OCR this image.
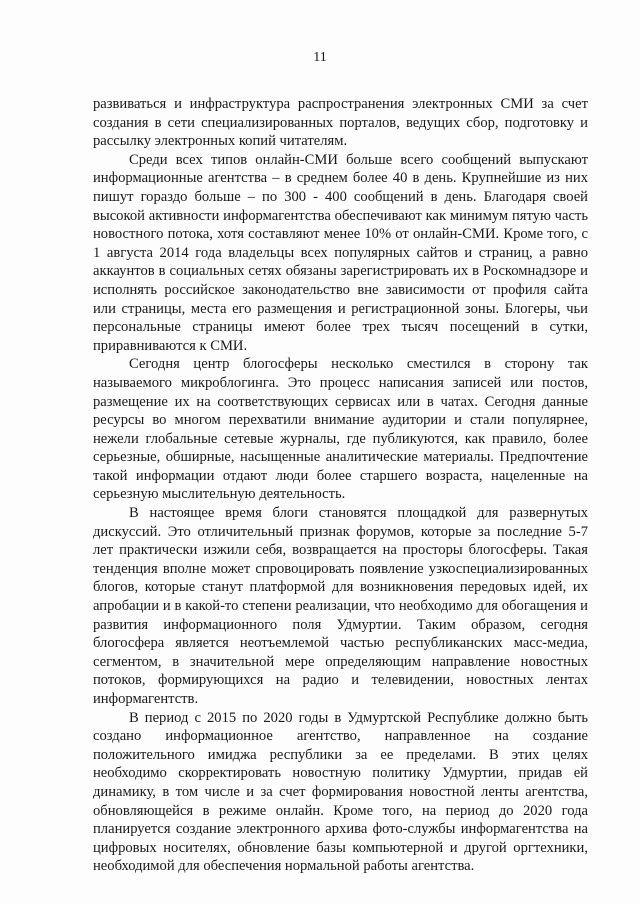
11

развиваться и инфраструктура распространения электронных СМИ за счет создания в сети специализированных порталов, ведущих сбор, подготовку и рассылку электронных копий читателям.

Среди всех типов онлайн-СМИ больше всего сообщений выпускают информационные агентства – в среднем более 40 в день. Крупнейшие из них пишут гораздо больше – по 300 - 400 сообщений в день. Благодаря своей высокой активности информагентства обеспечивают как минимум пятую часть новостного потока, хотя составляют менее 10% от онлайн-СМИ. Кроме того, с 1 августа 2014 года владельцы всех популярных сайтов и страниц, а равно аккаунтов в социальных сетях обязаны зарегистрировать их в Роскомнадзоре и исполнять российское законодательство вне зависимости от профиля сайта или страницы, места его размещения и регистрационной зоны. Блогеры, чьи персональные страницы имеют более трех тысяч посещений в сутки, приравниваются к СМИ.

Сегодня центр блогосферы несколько сместился в сторону так называемого микроблогинга. Это процесс написания записей или постов, размещение их на соответствующих сервисах или в чатах. Сегодня данные ресурсы во многом перехватили внимание аудитории и стали популярнее, нежели глобальные сетевые журналы, где публикуются, как правило, более серьезные, обширные, насыщенные аналитические материалы. Предпочтение такой информации отдают люди более старшего возраста, нацеленные на серьезную мыслительную деятельность.

В настоящее время блоги становятся площадкой для развернутых дискуссий. Это отличительный признак форумов, которые за последние 5-7 лет практически изжили себя, возвращается на просторы блогосферы. Такая тенденция вполне может спровоцировать появление узкоспециализированных блогов, которые станут платформой для возникновения передовых идей, их апробации и в какой-то степени реализации, что необходимо для обогащения и развития информационного поля Удмуртии. Таким образом, сегодня блогосфера является неотъемлемой частью республиканских масс-медиа, сегментом, в значительной мере определяющим направление новостных потоков, формирующихся на радио и телевидении, новостных лентах информагентств.

В период с 2015 по 2020 годы в Удмуртской Республике должно быть создано информационное агентство, направленное на создание положительного имиджа республики за ее пределами. В этих целях необходимо скорректировать новостную политику Удмуртии, придав ей динамику, в том числе и за счет формирования новостной ленты агентства, обновляющейся в режиме онлайн. Кроме того, на период до 2020 года планируется создание электронного архива фото-службы информагентства на цифровых носителях, обновление базы компьютерной и другой оргтехники, необходимой для обеспечения нормальной работы агентства.
